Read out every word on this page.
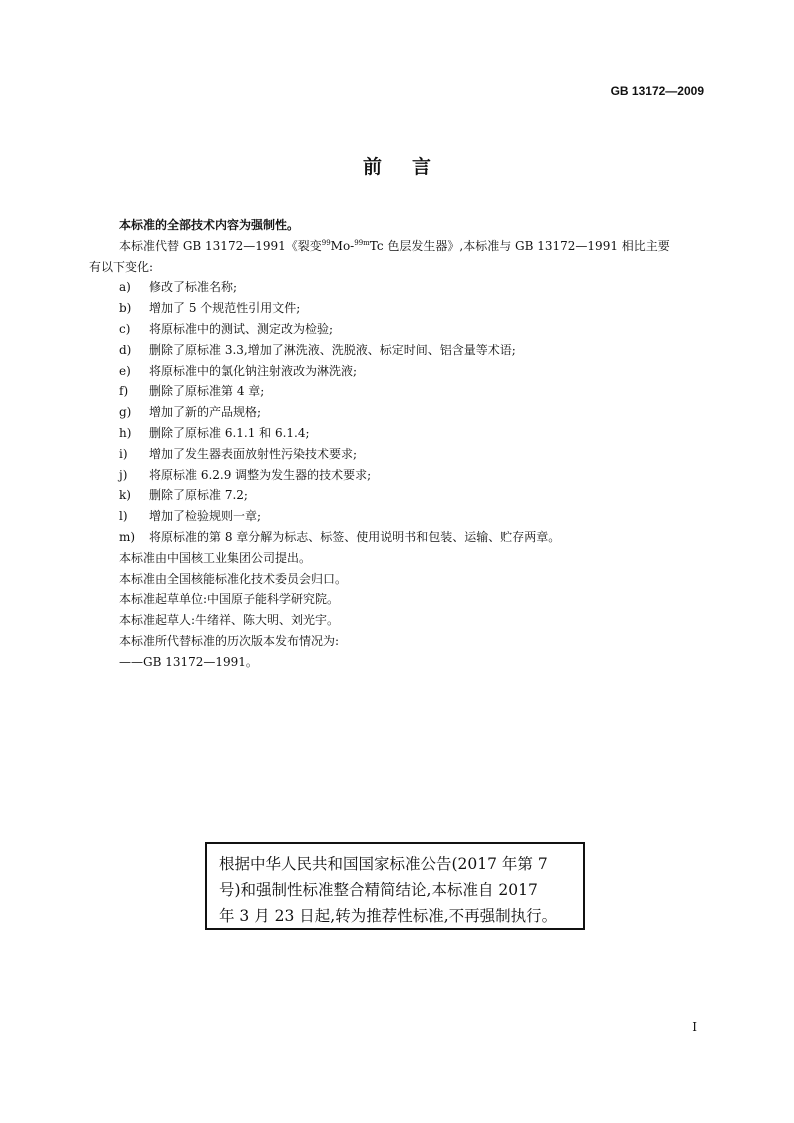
GB 13172—2009
前言

本标准的全部技术内容为强制性。

本标准代替 GB 13172—1991《裂变$^{99}$Mo-$^{99m}$Tc 色层发生器》,本标准与 GB 13172—1991 相比主要

有以下变化:

a) 修改了标准名称;

b) 增加了 5 个规范性引用文件;

c) 将原标准中的测试、测定改为检验;

d) 删除了原标准 3.3,增加了淋洗液、洗脱液、标定时间、铝含量等术语;

e) 将原标准中的氯化钠注射液改为淋洗液;

f) 删除了原标准第 4 章;

g) 增加了新的产品规格;

h) 删除了原标准 6.1.1 和 6.1.4;

i) 增加了发生器表面放射性污染技术要求;

j) 将原标准 6.2.9 调整为发生器的技术要求;

k) 删除了原标准 7.2;

l) 增加了检验规则一章;

m) 将原标准的第 8 章分解为标志、标签、使用说明书和包装、运输、贮存两章。

本标准由中国核工业集团公司提出。

本标准由全国核能标准化技术委员会归口。

本标准起草单位:中国原子能科学研究院。

本标准起草人:牛绪祥、陈大明、刘光宇。

本标准所代替标准的历次版本发布情况为:

——GB 13172—1991。

根据中华人民共和国国家标准公告(2017 年第 7

号)和强制性标准整合精简结论,本标准自 2017

年 3 月 23 日起,转为推荐性标准,不再强制执行。

I
